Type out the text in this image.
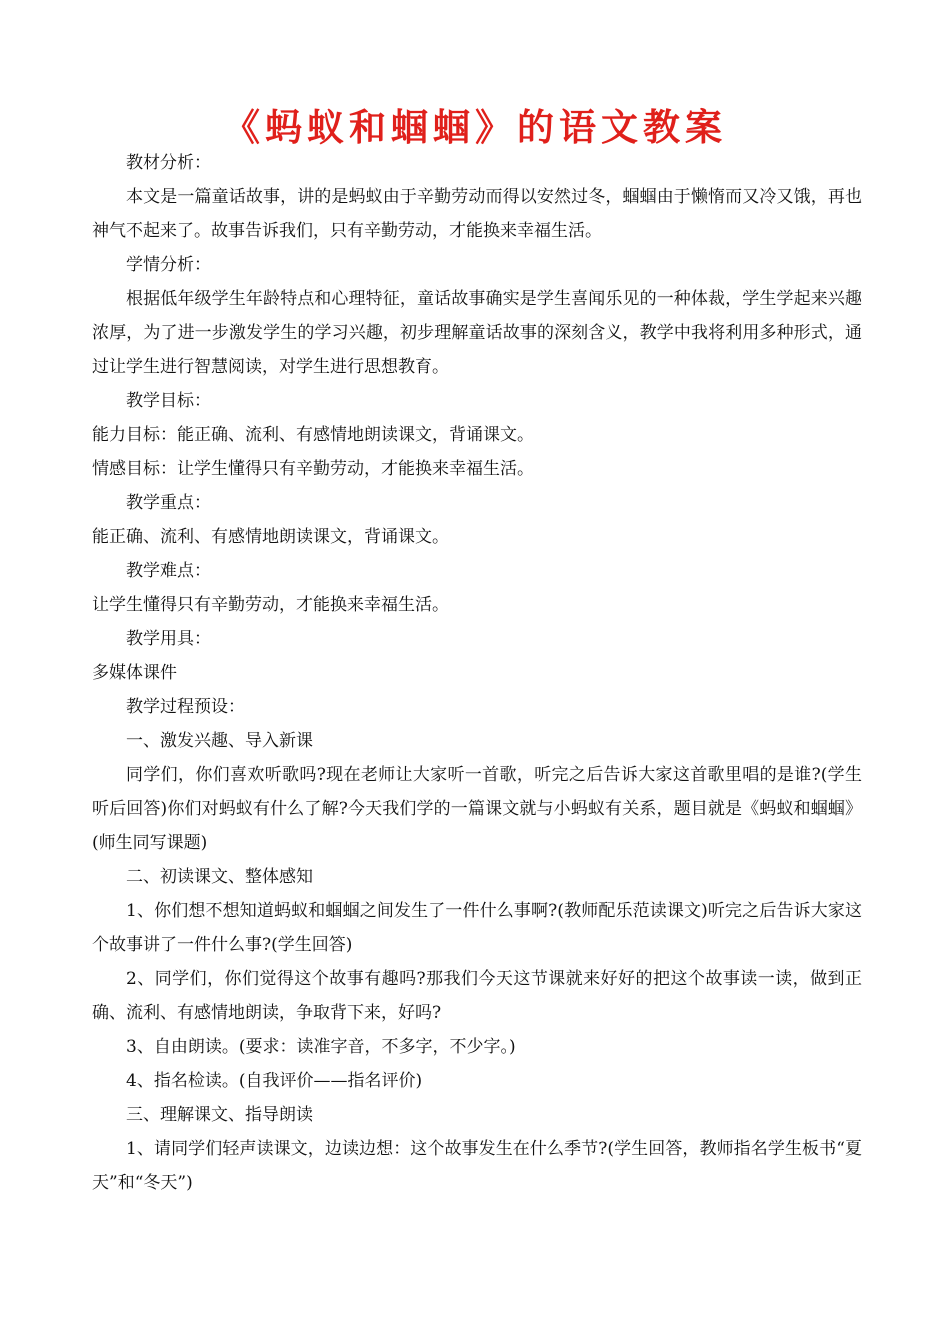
《蚂蚁和蝈蝈》的语文教案

教材分析：

本文是一篇童话故事，讲的是蚂蚁由于辛勤劳动而得以安然过冬，蝈蝈由于懒惰而又冷又饿，再也神气不起来了。故事告诉我们，只有辛勤劳动，才能换来幸福生活。

学情分析：

根据低年级学生年龄特点和心理特征，童话故事确实是学生喜闻乐见的一种体裁，学生学起来兴趣浓厚，为了进一步激发学生的学习兴趣，初步理解童话故事的深刻含义，教学中我将利用多种形式，通过让学生进行智慧阅读，对学生进行思想教育。

教学目标：

能力目标：能正确、流利、有感情地朗读课文，背诵课文。

情感目标：让学生懂得只有辛勤劳动，才能换来幸福生活。

教学重点：

能正确、流利、有感情地朗读课文，背诵课文。

教学难点：

让学生懂得只有辛勤劳动，才能换来幸福生活。

教学用具：

多媒体课件

教学过程预设：

一、激发兴趣、导入新课

同学们，你们喜欢听歌吗?现在老师让大家听一首歌，听完之后告诉大家这首歌里唱的是谁?(学生听后回答)你们对蚂蚁有什么了解?今天我们学的一篇课文就与小蚂蚁有关系，题目就是《蚂蚁和蝈蝈》(师生同写课题)

二、初读课文、整体感知

1、你们想不想知道蚂蚁和蝈蝈之间发生了一件什么事啊?(教师配乐范读课文)听完之后告诉大家这个故事讲了一件什么事?(学生回答)

2、同学们，你们觉得这个故事有趣吗?那我们今天这节课就来好好的把这个故事读一读，做到正确、流利、有感情地朗读，争取背下来，好吗?

3、自由朗读。(要求：读准字音，不多字，不少字。)

4、指名检读。(自我评价——指名评价)

三、理解课文、指导朗读

1、请同学们轻声读课文，边读边想：这个故事发生在什么季节?(学生回答，教师指名学生板书“夏天”和“冬天”)
